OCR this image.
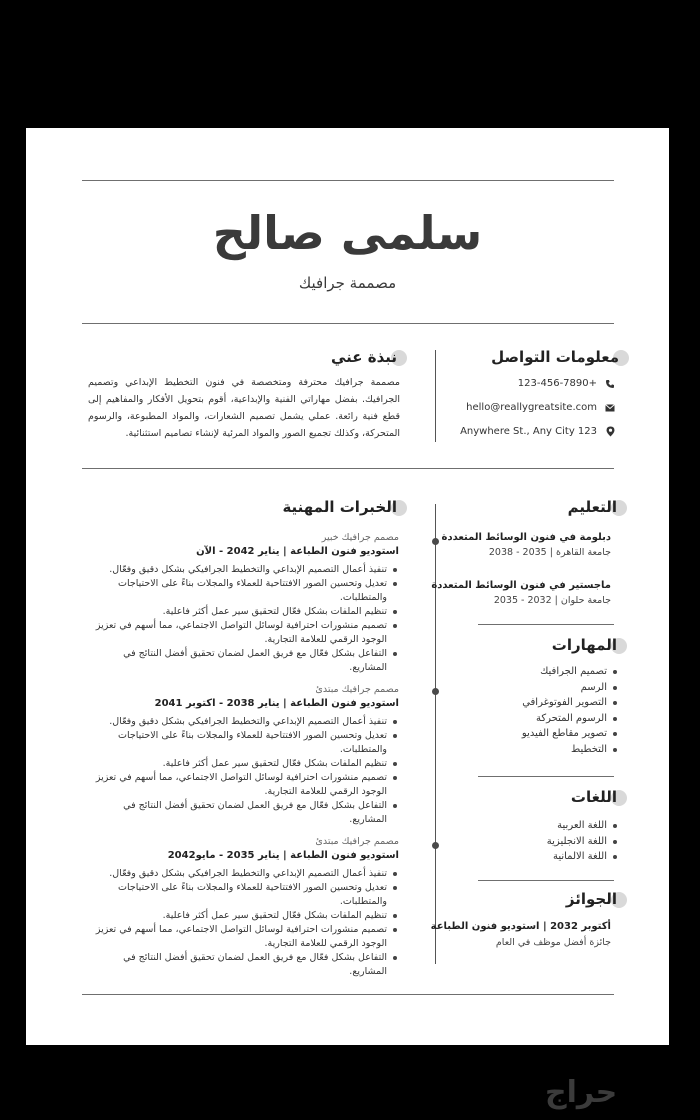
سلمى صالح
مصممة جرافيك
معلومات التواصل
123-456-7890+
hello@reallygreatsite.com
Anywhere St., Any City 123
نبذة عني
مصممة جرافيك محترفة ومتخصصة في فنون التخطيط الإبداعي وتصميم الجرافيك. بفضل مهاراتي الفنية والإبداعية، أقوم بتحويل الأفكار والمفاهيم إلى قطع فنية رائعة. عملي يشمل تصميم الشعارات، والمواد المطبوعة، والرسوم المتحركة، وكذلك تجميع الصور والمواد المرئية لإنشاء تصاميم استثنائية.
التعليم
دبلومة في فنون الوسائط المتعددة
جامعة القاهرة | 2035 - 2038
ماجستير في فنون الوسائط المتعددة
جامعة حلوان | 2032 - 2035
المهارات
تصميم الجرافيك
الرسم
التصوير الفوتوغرافي
الرسوم المتحركة
تصوير مقاطع الفيديو
التخطيط
اللغات
اللغة العربية
اللغة الانجليزية
اللغة الالمانية
الجوائز
أكتوبر 2032 | استوديو فنون الطباعة
جائزة أفضل موظف في العام
الخبرات المهنية
مصمم جرافيك خبير
استوديو فنون الطباعة | يناير 2042 - الآن
تنفيذ أعمال التصميم الإبداعي والتخطيط الجرافيكي بشكل دقيق وفعّال.
تعديل وتحسين الصور الافتتاحية للعملاء والمجلات بناءً على الاحتياجات والمتطلبات.
تنظيم الملفات بشكل فعّال لتحقيق سير عمل أكثر فاعلية.
تصميم منشورات احترافية لوسائل التواصل الاجتماعي، مما أسهم في تعزيز الوجود الرقمي للعلامة التجارية.
التفاعل بشكل فعّال مع فريق العمل لضمان تحقيق أفضل النتائج في المشاريع.
مصمم جرافيك مبتدئ
استوديو فنون الطباعة | يناير 2038 - اكتوبر 2041
تنفيذ أعمال التصميم الإبداعي والتخطيط الجرافيكي بشكل دقيق وفعّال.
تعديل وتحسين الصور الافتتاحية للعملاء والمجلات بناءً على الاحتياجات والمتطلبات.
تنظيم الملفات بشكل فعّال لتحقيق سير عمل أكثر فاعلية.
تصميم منشورات احترافية لوسائل التواصل الاجتماعي، مما أسهم في تعزيز الوجود الرقمي للعلامة التجارية.
التفاعل بشكل فعّال مع فريق العمل لضمان تحقيق أفضل النتائج في المشاريع.
مصمم جرافيك مبتدئ
استوديو فنون الطباعة | يناير 2035 - مايو2042
تنفيذ أعمال التصميم الإبداعي والتخطيط الجرافيكي بشكل دقيق وفعّال.
تعديل وتحسين الصور الافتتاحية للعملاء والمجلات بناءً على الاحتياجات والمتطلبات.
تنظيم الملفات بشكل فعّال لتحقيق سير عمل أكثر فاعلية.
تصميم منشورات احترافية لوسائل التواصل الاجتماعي، مما أسهم في تعزيز الوجود الرقمي للعلامة التجارية.
التفاعل بشكل فعّال مع فريق العمل لضمان تحقيق أفضل النتائج في المشاريع.
حراج
